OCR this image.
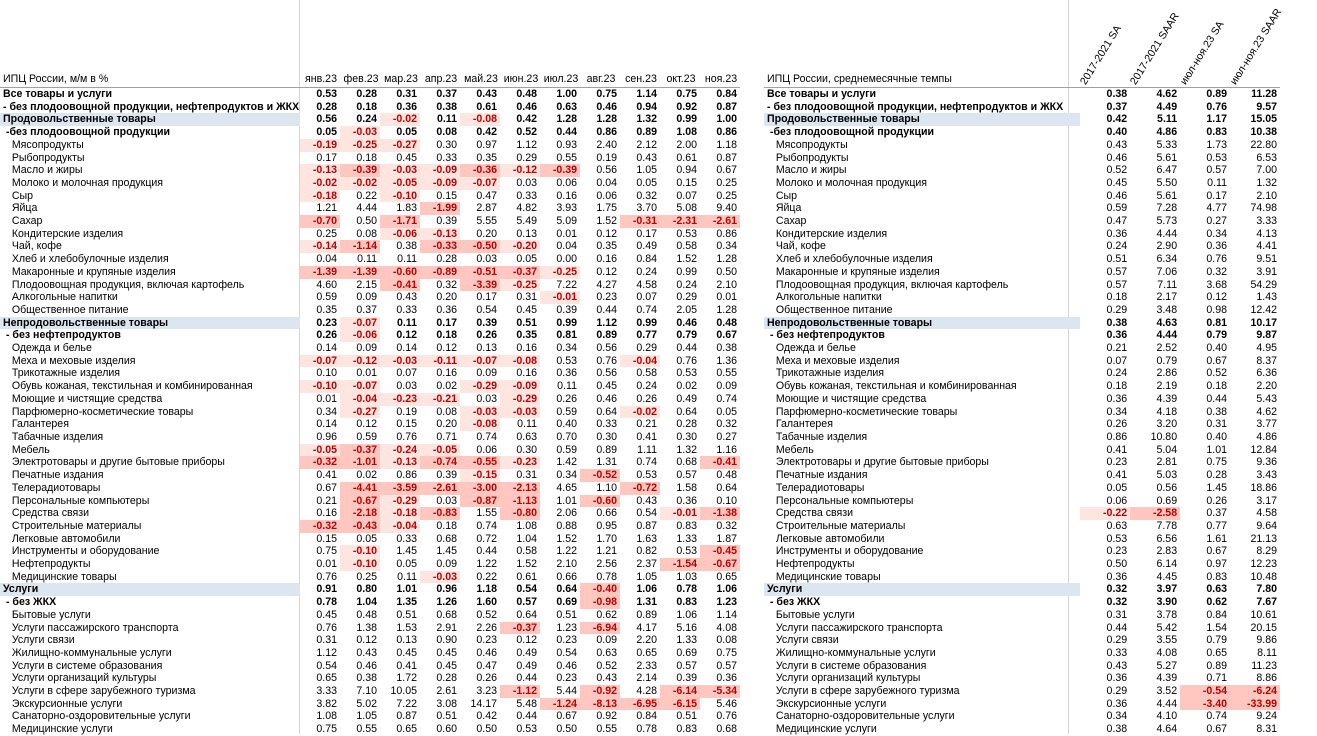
ИПЦ России, м/м в %	янв.23	фев.23	мар.23	апр.23	май.23	июн.23	июл.23	авг.23	сен.23	окт.23	ноя.23
Все товары и услуги	0.53	0.28	0.31	0.37	0.43	0.48	1.00	0.75	1.14	0.75	0.84
- без плодоовощной продукции, нефтепродуктов и ЖКХ	0.28	0.18	0.36	0.38	0.61	0.46	0.63	0.46	0.94	0.92	0.87
Продовольственные товары	0.56	0.24	-0.02	0.11	-0.08	0.42	1.28	1.28	1.32	0.99	1.00
-без плодоовощной продукции	0.05	-0.03	0.05	0.08	0.42	0.52	0.44	0.86	0.89	1.08	0.86
Мясопродукты	-0.19	-0.25	-0.27	0.30	0.97	1.12	0.93	2.40	2.12	2.00	1.18
Рыбопродукты	0.17	0.18	0.45	0.33	0.35	0.29	0.55	0.19	0.43	0.61	0.87
Масло и жиры	-0.13	-0.39	-0.03	-0.09	-0.36	-0.12	-0.39	0.56	1.05	0.94	0.67
Молоко и молочная продукция	-0.02	-0.02	-0.05	-0.09	-0.07	0.03	0.06	0.04	0.05	0.15	0.25
Сыр	-0.18	0.22	-0.10	0.15	0.47	0.33	0.16	0.06	0.32	0.07	0.25
Яйца	1.21	4.44	1.83	-1.99	2.87	4.82	3.93	1.75	3.70	5.08	9.40
Сахар	-0.70	0.50	-1.71	0.39	5.55	5.49	5.09	1.52	-0.31	-2.31	-2.61
Кондитерские изделия	0.25	0.08	-0.06	-0.13	0.20	0.13	0.01	0.12	0.17	0.53	0.86
Чай, кофе	-0.14	-1.14	0.38	-0.33	-0.50	-0.20	0.04	0.35	0.49	0.58	0.34
Хлеб и хлебобулочные изделия	0.04	0.11	0.11	0.28	0.03	0.05	0.00	0.16	0.84	1.52	1.28
Макаронные и крупяные изделия	-1.39	-1.39	-0.60	-0.89	-0.51	-0.37	-0.25	0.12	0.24	0.99	0.50
Плодоовощная продукция, включая картофель	4.60	2.15	-0.41	0.32	-3.39	-0.25	7.22	4.27	4.58	0.24	2.10
Алкогольные напитки	0.59	0.09	0.43	0.20	0.17	0.31	-0.01	0.23	0.07	0.29	0.01
Общественное питание	0.35	0.37	0.33	0.36	0.54	0.45	0.39	0.44	0.74	2.05	1.28
Непродовольственные товары	0.23	-0.07	0.11	0.17	0.39	0.51	0.99	1.12	0.99	0.46	0.48
- без нефтепродуктов	0.26	-0.06	0.12	0.18	0.26	0.35	0.81	0.89	0.77	0.79	0.67
Одежда и белье	0.14	0.09	0.14	0.12	0.13	0.16	0.34	0.56	0.29	0.44	0.38
Меха и меховые изделия	-0.07	-0.12	-0.03	-0.11	-0.07	-0.08	0.53	0.76	-0.04	0.76	1.36
Трикотажные изделия	0.10	0.01	0.07	0.16	0.09	0.16	0.36	0.56	0.58	0.53	0.55
Обувь кожаная, текстильная и комбинированная	-0.10	-0.07	0.03	0.02	-0.29	-0.09	0.11	0.45	0.24	0.02	0.09
Моющие и чистящие средства	0.01	-0.04	-0.23	-0.21	0.03	-0.29	0.26	0.46	0.26	0.49	0.74
Парфюмерно-косметические товары	0.34	-0.27	0.19	0.08	-0.03	-0.03	0.59	0.64	-0.02	0.64	0.05
Галантерея	0.14	0.12	0.15	0.20	-0.08	0.11	0.40	0.33	0.21	0.28	0.32
Табачные изделия	0.96	0.59	0.76	0.71	0.74	0.63	0.70	0.30	0.41	0.30	0.27
Мебель	-0.05	-0.37	-0.24	-0.05	0.06	0.30	0.59	0.89	1.11	1.32	1.16
Электротовары и другие бытовые приборы	-0.32	-1.01	-0.13	-0.74	-0.55	-0.23	1.42	1.31	0.74	0.68	-0.41
Печатные издания	0.41	0.02	0.86	0.39	-0.15	0.31	0.34	-0.52	0.53	0.57	0.48
Телерадиотовары	0.67	-4.41	-3.59	-2.61	-3.00	-2.13	4.65	1.10	-0.72	1.58	0.64
Персональные компьютеры	0.21	-0.67	-0.29	0.03	-0.87	-1.13	1.01	-0.60	0.43	0.36	0.10
Средства связи	0.16	-2.18	-0.18	-0.83	1.55	-0.80	2.06	0.66	0.54	-0.01	-1.38
Строительные материалы	-0.32	-0.43	-0.04	0.18	0.74	1.08	0.88	0.95	0.87	0.83	0.32
Легковые автомобили	0.15	0.05	0.33	0.68	0.72	1.04	1.52	1.70	1.63	1.33	1.87
Инструменты и оборудование	0.75	-0.10	1.45	1.45	0.44	0.58	1.22	1.21	0.82	0.53	-0.45
Нефтепродукты	0.01	-0.10	0.05	0.09	1.22	1.52	2.10	2.56	2.37	-1.54	-0.67
Медицинские товары	0.76	0.25	0.11	-0.03	0.22	0.61	0.66	0.78	1.05	1.03	0.65
Услуги	0.91	0.80	1.01	0.96	1.18	0.54	0.64	-0.40	1.06	0.78	1.06
- без ЖКХ	0.78	1.04	1.35	1.26	1.60	0.57	0.69	-0.98	1.31	0.83	1.23
Бытовые услуги	0.45	0.48	0.51	0.68	0.52	0.64	0.51	0.62	0.89	1.06	1.14
Услуги пассажирского транспорта	0.76	1.38	1.53	2.91	2.26	-0.37	1.23	-6.94	4.17	5.16	4.08
Услуги связи	0.31	0.12	0.13	0.90	0.23	0.12	0.23	0.09	2.20	1.33	0.08
Жилищно-коммунальные услуги	1.12	0.43	0.45	0.45	0.46	0.49	0.54	0.63	0.65	0.69	0.75
Услуги в системе образования	0.54	0.46	0.41	0.45	0.47	0.49	0.46	0.52	2.33	0.57	0.57
Услуги организаций культуры	0.65	0.38	1.72	0.28	0.26	0.44	0.23	0.43	2.14	0.39	0.36
Услуги в сфере зарубежного туризма	3.33	7.10	10.05	2.61	3.23	-1.12	5.44	-0.92	4.28	-6.14	-5.34
Экскурсионные услуги	3.82	5.02	7.22	3.08	14.17	5.48	-1.24	-8.13	-6.95	-6.15	5.46
Санаторно-оздоровительные услуги	1.08	1.05	0.87	0.51	0.42	0.44	0.67	0.92	0.84	0.51	0.76
Медицинские услуги	0.75	0.55	0.65	0.60	0.50	0.53	0.50	0.55	0.78	0.83	0.68
ИПЦ России, среднемесячные темпы	2017-2021 SA	2017-2021 SAAR	июл-ноя.23 SA	июл-ноя.23 SAAR
Все товары и услуги	0.38	4.62	0.89	11.28
- без плодоовощной продукции, нефтепродуктов и ЖКХ	0.37	4.49	0.76	9.57
Продовольственные товары	0.42	5.11	1.17	15.05
-без плодоовощной продукции	0.40	4.86	0.83	10.38
Мясопродукты	0.43	5.33	1.73	22.80
Рыбопродукты	0.46	5.61	0.53	6.53
Масло и жиры	0.52	6.47	0.57	7.00
Молоко и молочная продукция	0.45	5.50	0.11	1.32
Сыр	0.46	5.61	0.17	2.10
Яйца	0.59	7.28	4.77	74.98
Сахар	0.47	5.73	0.27	3.33
Кондитерские изделия	0.36	4.44	0.34	4.13
Чай, кофе	0.24	2.90	0.36	4.41
Хлеб и хлебобулочные изделия	0.51	6.34	0.76	9.51
Макаронные и крупяные изделия	0.57	7.06	0.32	3.91
Плодоовощная продукция, включая картофель	0.57	7.11	3.68	54.29
Алкогольные напитки	0.18	2.17	0.12	1.43
Общественное питание	0.29	3.48	0.98	12.42
Непродовольственные товары	0.38	4.63	0.81	10.17
- без нефтепродуктов	0.36	4.44	0.79	9.87
Одежда и белье	0.21	2.52	0.40	4.95
Меха и меховые изделия	0.07	0.79	0.67	8.37
Трикотажные изделия	0.24	2.86	0.52	6.36
Обувь кожаная, текстильная и комбинированная	0.18	2.19	0.18	2.20
Моющие и чистящие средства	0.36	4.39	0.44	5.43
Парфюмерно-косметические товары	0.34	4.18	0.38	4.62
Галантерея	0.26	3.20	0.31	3.77
Табачные изделия	0.86	10.80	0.40	4.86
Мебель	0.41	5.04	1.01	12.84
Электротовары и другие бытовые приборы	0.23	2.81	0.75	9.36
Печатные издания	0.41	5.03	0.28	3.43
Телерадиотовары	0.05	0.56	1.45	18.86
Персональные компьютеры	0.06	0.69	0.26	3.17
Средства связи	-0.22	-2.58	0.37	4.58
Строительные материалы	0.63	7.78	0.77	9.64
Легковые автомобили	0.53	6.56	1.61	21.13
Инструменты и оборудование	0.23	2.83	0.67	8.29
Нефтепродукты	0.50	6.14	0.97	12.23
Медицинские товары	0.36	4.45	0.83	10.48
Услуги	0.32	3.97	0.63	7.80
- без ЖКХ	0.32	3.90	0.62	7.67
Бытовые услуги	0.31	3.78	0.84	10.61
Услуги пассажирского транспорта	0.44	5.42	1.54	20.15
Услуги связи	0.29	3.55	0.79	9.86
Жилищно-коммунальные услуги	0.33	4.08	0.65	8.11
Услуги в системе образования	0.43	5.27	0.89	11.23
Услуги организаций культуры	0.36	4.39	0.71	8.86
Услуги в сфере зарубежного туризма	0.29	3.52	-0.54	-6.24
Экскурсионные услуги	0.36	4.44	-3.40	-33.99
Санаторно-оздоровительные услуги	0.34	4.10	0.74	9.24
Медицинские услуги	0.38	4.64	0.67	8.31
